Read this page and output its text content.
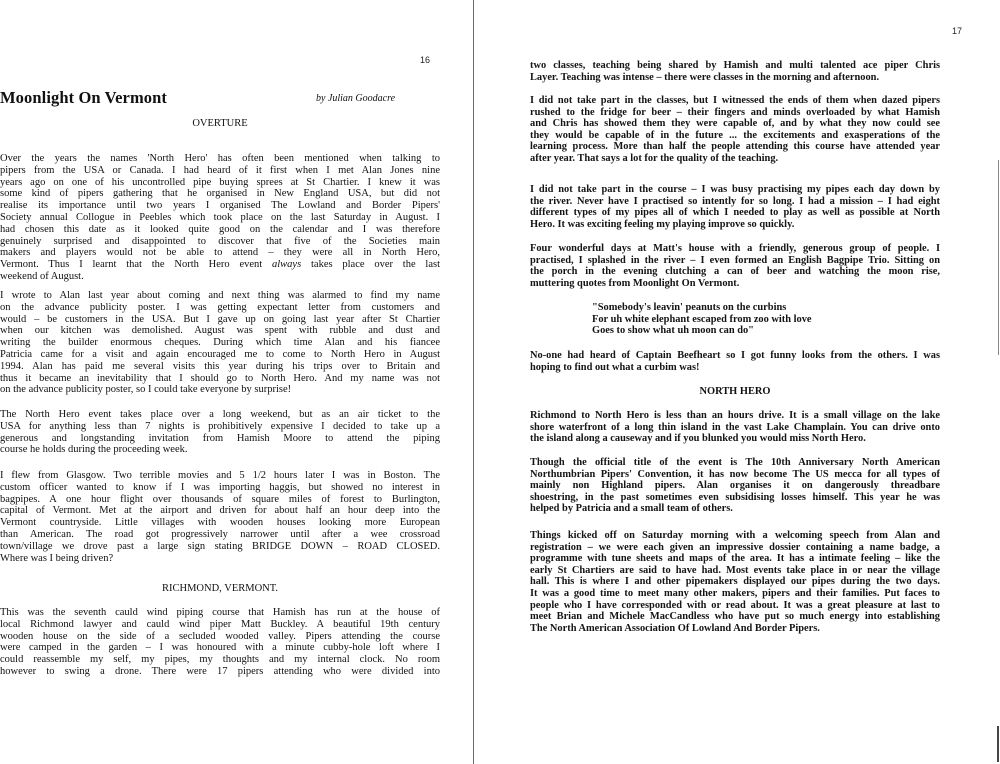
16
Moonlight On Vermont	by Julian Goodacre
OVERTURE
Over the years the names 'North Hero' has often been mentioned when talking to
pipers from the USA or Canada. I had heard of it first when I met Alan Jones nine
years ago on one of his uncontrolled pipe buying sprees at St Chartier. I knew it was
some kind of pipers gathering that he organised in New England USA, but did not
realise its importance until two years I organised The Lowland and Border Pipers'
Society annual Collogue in Peebles which took place on the last Saturday in August. I
had chosen this date as it looked quite good on the calendar and I was therefore
genuinely surprised and disappointed to discover that five of the Societies main
makers and players would not be able to attend – they were all in North Hero,
Vermont. Thus I learnt that the North Hero event always takes place over the last
weekend of August.
I wrote to Alan last year about coming and next thing was alarmed to find my name
on the advance publicity poster. I was getting expectant letter from customers and
would – be customers in the USA. But I gave up on going last year after St Chartier
when our kitchen was demolished. August was spent with rubble and dust and
writing the builder enormous cheques. During which time Alan and his fiancee
Patricia came for a visit and again encouraged me to come to North Hero in August
1994. Alan has paid me several visits this year during his trips over to Britain and
thus it became an inevitability that I should go to North Hero. And my name was not
on the advance publicity poster, so I could take everyone by surprise!
The North Hero event takes place over a long weekend, but as an air ticket to the
USA for anything less than 7 nights is prohibitively expensive I decided to take up a
generous and longstanding invitation from Hamish Moore to attend the piping
course he holds during the proceeding week.
I flew from Glasgow. Two terrible movies and 5 1/2 hours later I was in Boston. The
custom officer wanted to know if I was importing haggis, but showed no interest in
bagpipes. A one hour flight over thousands of square miles of forest to Burlington,
capital of Vermont. Met at the airport and driven for about half an hour deep into the
Vermont countryside. Little villages with wooden houses looking more European
than American. The road got progressively narrower until after a wee crossroad
town/village we drove past a large sign stating BRIDGE DOWN – ROAD CLOSED.
Where was I being driven?
RICHMOND, VERMONT.
This was the seventh cauld wind piping course that Hamish has run at the house of
local Richmond lawyer and cauld wind piper Matt Buckley. A beautiful 19th century
wooden house on the side of a secluded wooded valley. Pipers attending the course
were camped in the garden – I was honoured with a minute cubby-hole loft where I
could reassemble my self, my pipes, my thoughts and my internal clock. No room
however to swing a drone. There were 17 pipers attending who were divided into
17
two classes, teaching being shared by Hamish and multi talented ace piper Chris
Layer. Teaching was intense – there were classes in the morning and afternoon.
I did not take part in the classes, but I witnessed the ends of them when dazed pipers
rushed to the fridge for beer – their fingers and minds overloaded by what Hamish
and Chris has showed them they were capable of, and by what they now could see
they would be capable of in the future ... the excitements and exasperations of the
learning process. More than half the people attending this course have attended year
after year. That says a lot for the quality of the teaching.
I did not take part in the course – I was busy practising my pipes each day down by
the river. Never have I practised so intently for so long. I had a mission – I had eight
different types of my pipes all of which I needed to play as well as possible at North
Hero. It was exciting feeling my playing improve so quickly.
Four wonderful days at Matt's house with a friendly, generous group of people. I
practised, I splashed in the river – I even formed an English Bagpipe Trio. Sitting on
the porch in the evening clutching a can of beer and watching the moon rise,
muttering quotes from Moonlight On Vermont.
"Somebody's leavin' peanuts on the curbins
For uh white elephant escaped from zoo with love
Goes to show what uh moon can do"
No-one had heard of Captain Beefheart so I got funny looks from the others. I was
hoping to find out what a curbim was!
NORTH HERO
Richmond to North Hero is less than an hours drive. It is a small village on the lake
shore waterfront of a long thin island in the vast Lake Champlain. You can drive onto
the island along a causeway and if you blunked you would miss North Hero.
Though the official title of the event is The 10th Anniversary North American
Northumbrian Pipers' Convention, it has now become The US mecca for all types of
mainly non Highland pipers. Alan organises it on dangerously threadbare
shoestring, in the past sometimes even subsidising losses himself. This year he was
helped by Patricia and a small team of others.
Things kicked off on Saturday morning with a welcoming speech from Alan and
registration – we were each given an impressive dossier containing a name badge, a
programme with tune sheets and maps of the area. It has a intimate feeling – like the
early St Chartiers are said to have had. Most events take place in or near the village
hall. This is where I and other pipemakers displayed our pipes during the two days.
It was a good time to meet many other makers, pipers and their families. Put faces to
people who I have corresponded with or read about. It was a great pleasure at last to
meet Brian and Michele MacCandless who have put so much energy into establishing
The North American Association Of Lowland And Border Pipers.
